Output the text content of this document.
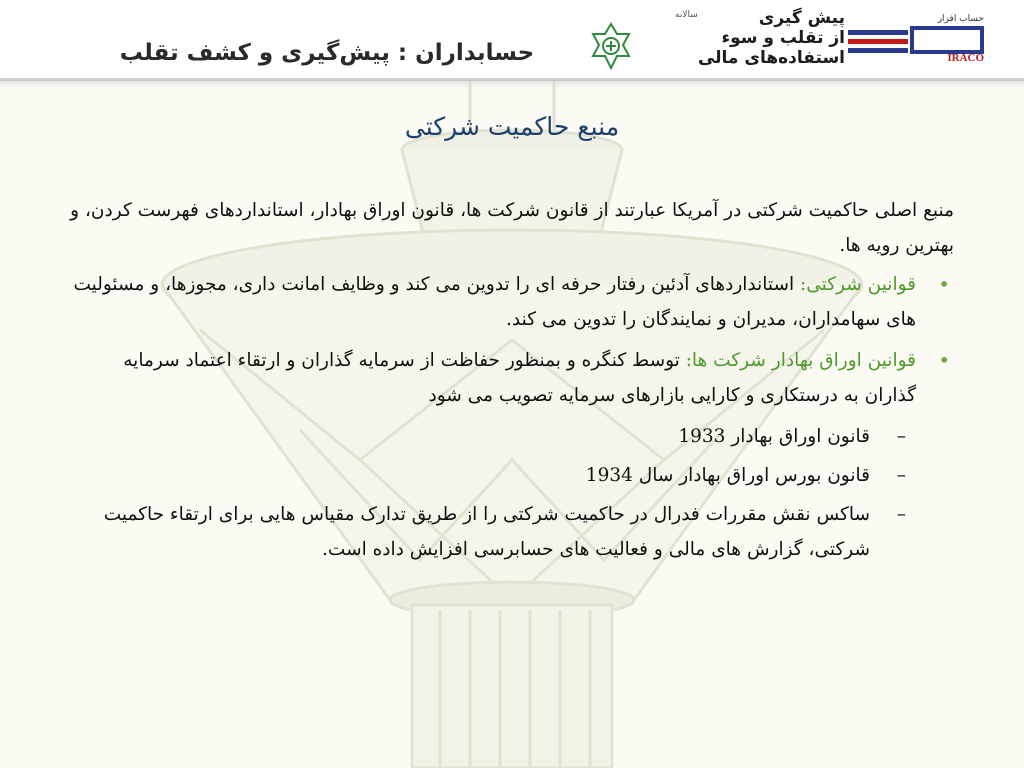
حسابداران : پیش‌گیری و کشف تقلب
سالانه	پیش گیری
از تقلب و سوء
استفاده‌های مالی
حساب افزار
IRACO
منبع حاکمیت شرکتی
منبع اصلی حاکمیت شرکتی در آمریکا عبارتند از قانون شرکت ها، قانون اوراق بهادار، استانداردهای فهرست کردن، و بهترین رویه ها.
•
قوانین شرکتی: استانداردهای آدئین رفتار حرفه ای را تدوین می کند و وظایف امانت داری، مجوزها، و مسئولیت های سهامداران، مدیران و نمایندگان را تدوین می کند.
•
قوانین اوراق بهادار شرکت ها: توسط کنگره و بمنظور حفاظت از سرمایه گذاران و ارتقاء اعتماد سرمایه گذاران به درستکاری و کارایی بازارهای سرمایه تصویب می شود
–
قانون اوراق بهادار 1933
–
قانون بورس اوراق بهادار سال 1934
–
ساکس نقش مقررات فدرال در حاکمیت شرکتی را از طریق تدارک مقیاس هایی برای ارتقاء حاکمیت شرکتی، گزارش های مالی و فعالیت های حسابرسی افزایش داده است.
